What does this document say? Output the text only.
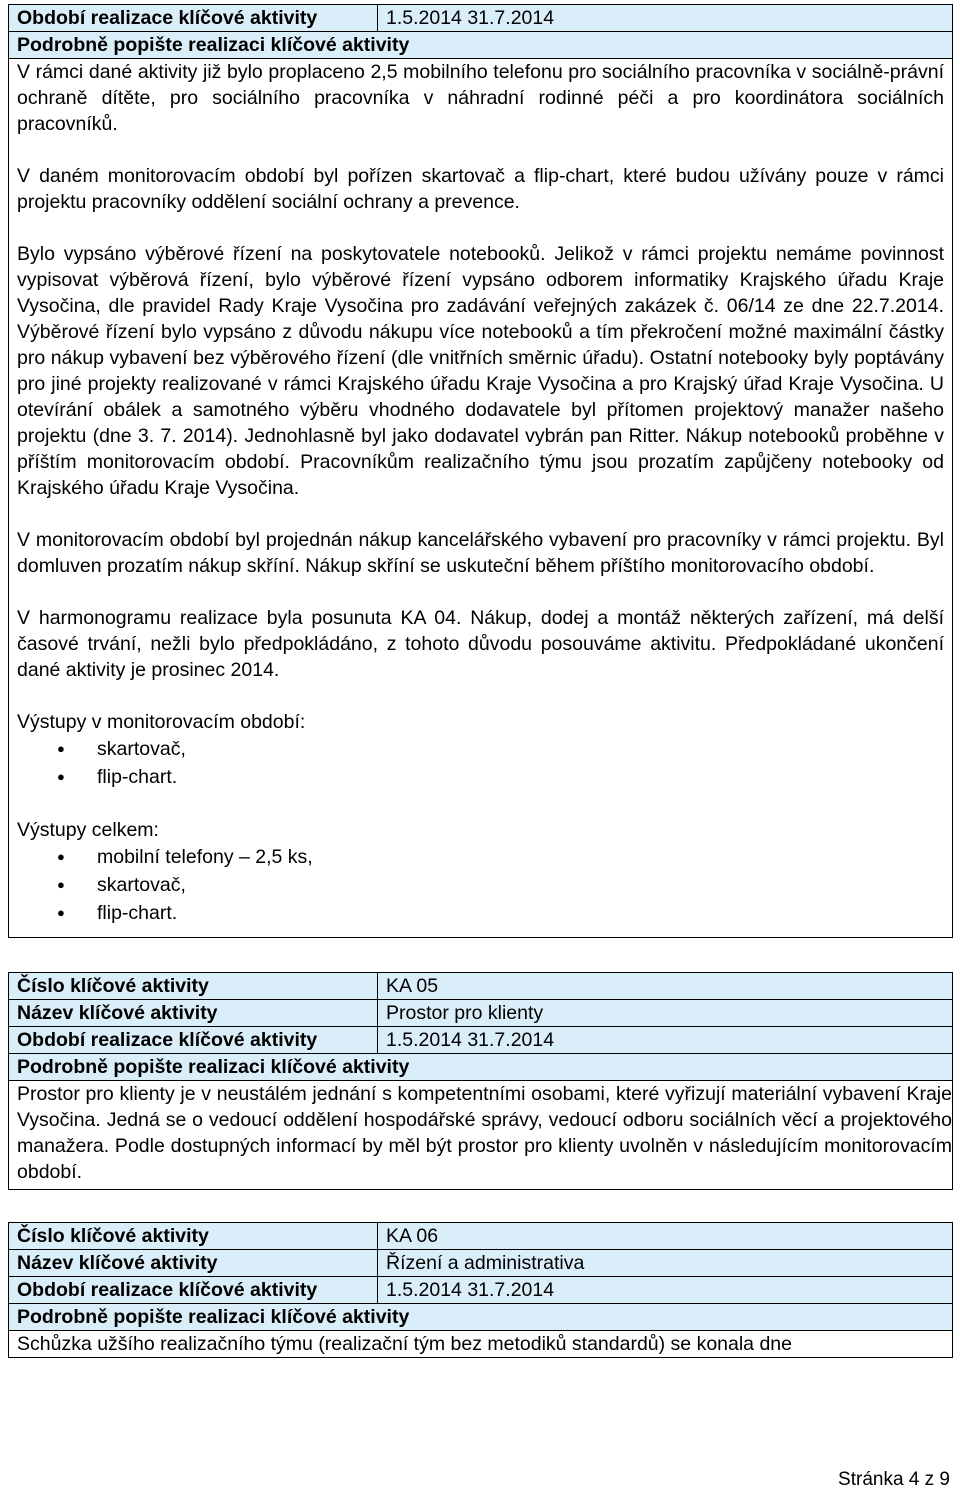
Období realizace klíčové aktivity	1.5.2014 31.7.2014
Podrobně popište realizaci klíčové aktivity

V rámci dané aktivity již bylo proplaceno 2,5 mobilního telefonu pro sociálního pracovníka v sociálně-právní ochraně dítěte, pro sociálního pracovníka v náhradní rodinné péči a pro koordinátora sociálních pracovníků.

V daném monitorovacím období byl pořízen skartovač a flip-chart, které budou užívány pouze v rámci projektu pracovníky oddělení sociální ochrany a prevence.

Bylo vypsáno výběrové řízení na poskytovatele notebooků. Jelikož v rámci projektu nemáme povinnost vypisovat výběrová řízení, bylo výběrové řízení vypsáno odborem informatiky Krajského úřadu Kraje Vysočina, dle pravidel Rady Kraje Vysočina pro zadávání veřejných zakázek č. 06/14 ze dne 22.7.2014. Výběrové řízení bylo vypsáno z důvodu nákupu více notebooků a tím překročení možné maximální částky pro nákup vybavení bez výběrového řízení (dle vnitřních směrnic úřadu). Ostatní notebooky byly poptávány pro jiné projekty realizované v rámci Krajského úřadu Kraje Vysočina a pro Krajský úřad Kraje Vysočina. U otevírání obálek a samotného výběru vhodného dodavatele byl přítomen projektový manažer našeho projektu (dne 3. 7. 2014). Jednohlasně byl jako dodavatel vybrán pan Ritter. Nákup notebooků proběhne v příštím monitorovacím období. Pracovníkům realizačního týmu jsou prozatím zapůjčeny notebooky od Krajského úřadu Kraje Vysočina.

V monitorovacím období byl projednán nákup kancelářského vybavení pro pracovníky v rámci projektu. Byl domluven prozatím nákup skříní. Nákup skříní se uskuteční během příštího monitorovacího období.

V harmonogramu realizace byla posunuta KA 04. Nákup, dodej a montáž některých zařízení, má delší časové trvání, nežli bylo předpokládáno, z tohoto důvodu posouváme aktivitu. Předpokládané ukončení dané aktivity je prosinec 2014.

Výstupy v monitorovacím období:

● skartovač,
● flip-chart.

Výstupy celkem:

● mobilní telefony – 2,5 ks,
● skartovač,
● flip-chart.
Číslo klíčové aktivity	KA 05
Název klíčové aktivity	Prostor pro klienty
Období realizace klíčové aktivity	1.5.2014 31.7.2014
Podrobně popište realizaci klíčové aktivity	

Prostor pro klienty je v neustálém jednání s kompetentními osobami, které vyřizují materiální vybavení Kraje Vysočina. Jedná se o vedoucí oddělení hospodářské správy, vedoucí odboru sociálních věcí a projektového manažera. Podle dostupných informací by měl být prostor pro klienty uvolněn v následujícím monitorovacím období.	

Číslo klíčové aktivity	KA 06
Název klíčové aktivity	Řízení a administrativa
Období realizace klíčové aktivity	1.5.2014 31.7.2014
Podrobně popište realizaci klíčové aktivity	
Schůzka užšího realizačního týmu (realizační tým bez metodiků standardů) se konala dne	
Stránka 4 z 9
